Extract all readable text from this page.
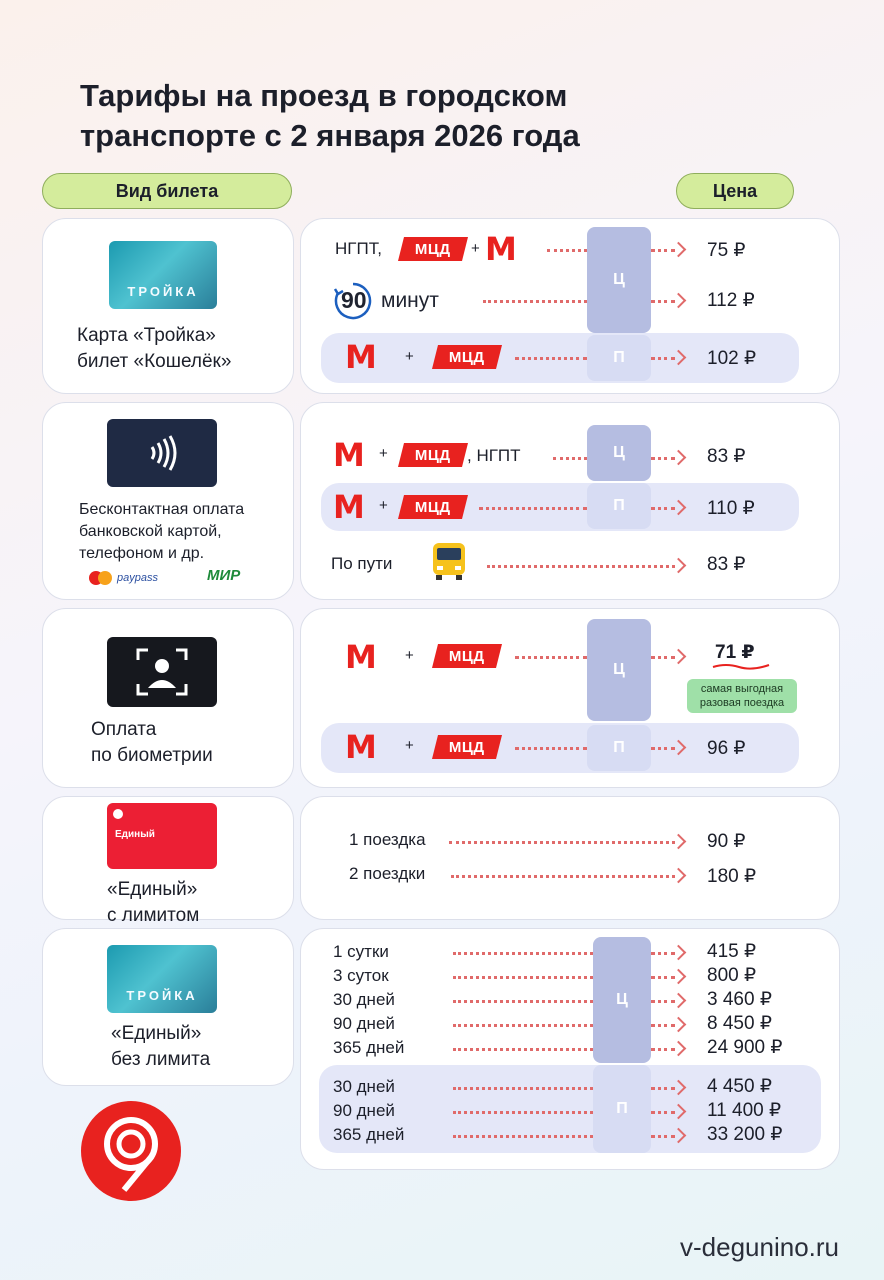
Тарифы на проезд в городском
транспорте с 2 января 2026 года
Вид билета	Цена
ТРОЙКА
Карта «Тройка»
билет «Кошелёк»
Ц
П
НГПТ, МЦД + М	75 ₽
90 минут	112 ₽
М + МЦД	102 ₽
Бесконтактная оплата
банковской картой,
телефоном и др.
paypass	МИР
Ц
П
М + МЦД , НГПТ	83 ₽
М + МЦД	110 ₽
По пути	83 ₽
Оплата
по биометрии
Ц
П
М + МЦД	71 ₽
самая выгодная
разовая поездка
М + МЦД	96 ₽
Единый
«Единый»
с лимитом
1 поездка	90 ₽
2 поездки	180 ₽
ТРОЙКА
«Единый»
без лимита
Ц
П
1 сутки	415 ₽
3 суток	800 ₽
30 дней	3 460 ₽
90 дней	8 450 ₽
365 дней	24 900 ₽
30 дней	4 450 ₽
90 дней	11 400 ₽
365 дней	33 200 ₽
v-degunino.ru
